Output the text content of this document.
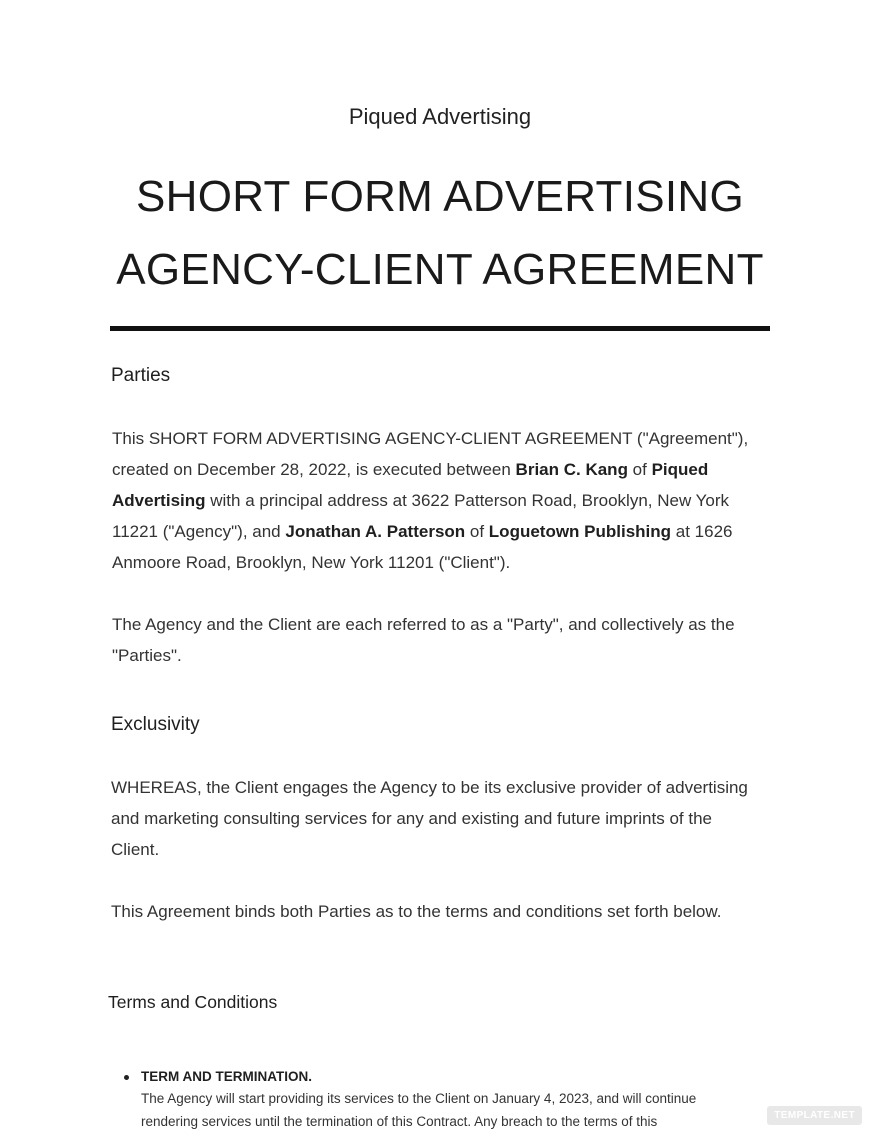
Piqued Advertising
SHORT FORM ADVERTISING
AGENCY-CLIENT AGREEMENT
Parties

This SHORT FORM ADVERTISING AGENCY-CLIENT AGREEMENT ("Agreement"), created on December 28, 2022, is executed between Brian C. Kang of Piqued Advertising with a principal address at 3622 Patterson Road, Brooklyn, New York 11221 ("Agency"), and Jonathan A. Patterson of Loguetown Publishing at 1626 Anmoore Road, Brooklyn, New York 11201 ("Client").

The Agency and the Client are each referred to as a "Party", and collectively as the "Parties".

Exclusivity

WHEREAS, the Client engages the Agency to be its exclusive provider of advertising and marketing consulting services for any and existing and future imprints of the Client.

This Agreement binds both Parties as to the terms and conditions set forth below.

Terms and Conditions
TERM AND TERMINATION.
The Agency will start providing its services to the Client on January 4, 2023, and will continue rendering services until the termination of this Contract. Any breach to the terms of this	TEMPLATE.NET
